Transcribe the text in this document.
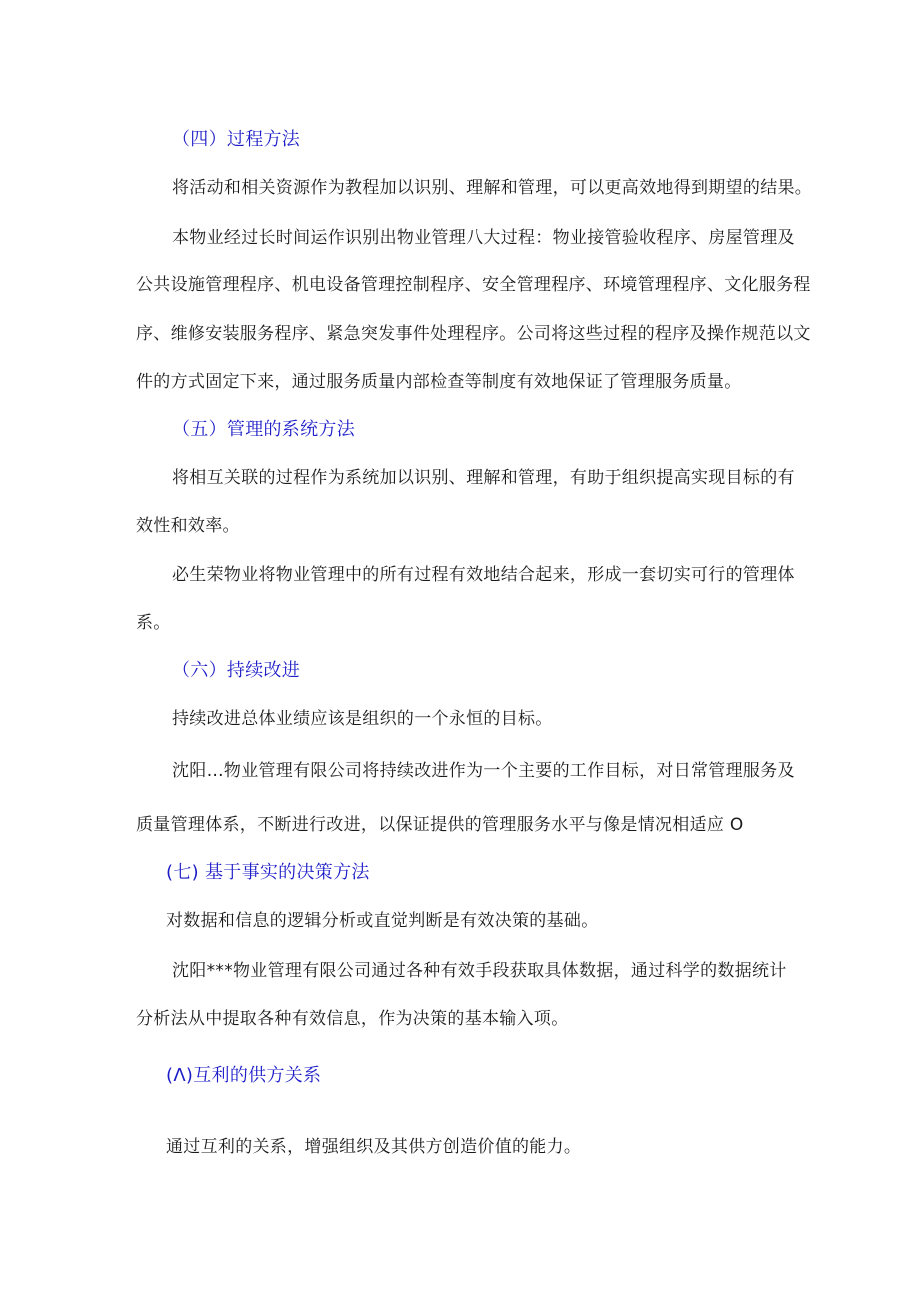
（四）过程方法
将活动和相关资源作为教程加以识别、理解和管理，可以更高效地得到期望的结果。
本物业经过长时间运作识别出物业管理八大过程：物业接管验收程序、房屋管理及
公共设施管理程序、机电设备管理控制程序、安全管理程序、环境管理程序、文化服务程
序、维修安装服务程序、紧急突发事件处理程序。公司将这些过程的程序及操作规范以文
件的方式固定下来，通过服务质量内部检查等制度有效地保证了管理服务质量。
（五）管理的系统方法
将相互关联的过程作为系统加以识别、理解和管理，有助于组织提高实现目标的有
效性和效率。
必生荣物业将物业管理中的所有过程有效地结合起来，形成一套切实可行的管理体
系。
（六）持续改进
持续改进总体业绩应该是组织的一个永恒的目标。
沈阳…物业管理有限公司将持续改进作为一个主要的工作目标，对日常管理服务及
质量管理体系，不断进行改进，以保证提供的管理服务水平与像是情况相适应 O
(七) 基于事实的决策方法
对数据和信息的逻辑分析或直觉判断是有效决策的基础。
沈阳***物业管理有限公司通过各种有效手段获取具体数据，通过科学的数据统计
分析法从中提取各种有效信息，作为决策的基本输入项。
(Λ)互利的供方关系
通过互利的关系，增强组织及其供方创造价值的能力。
